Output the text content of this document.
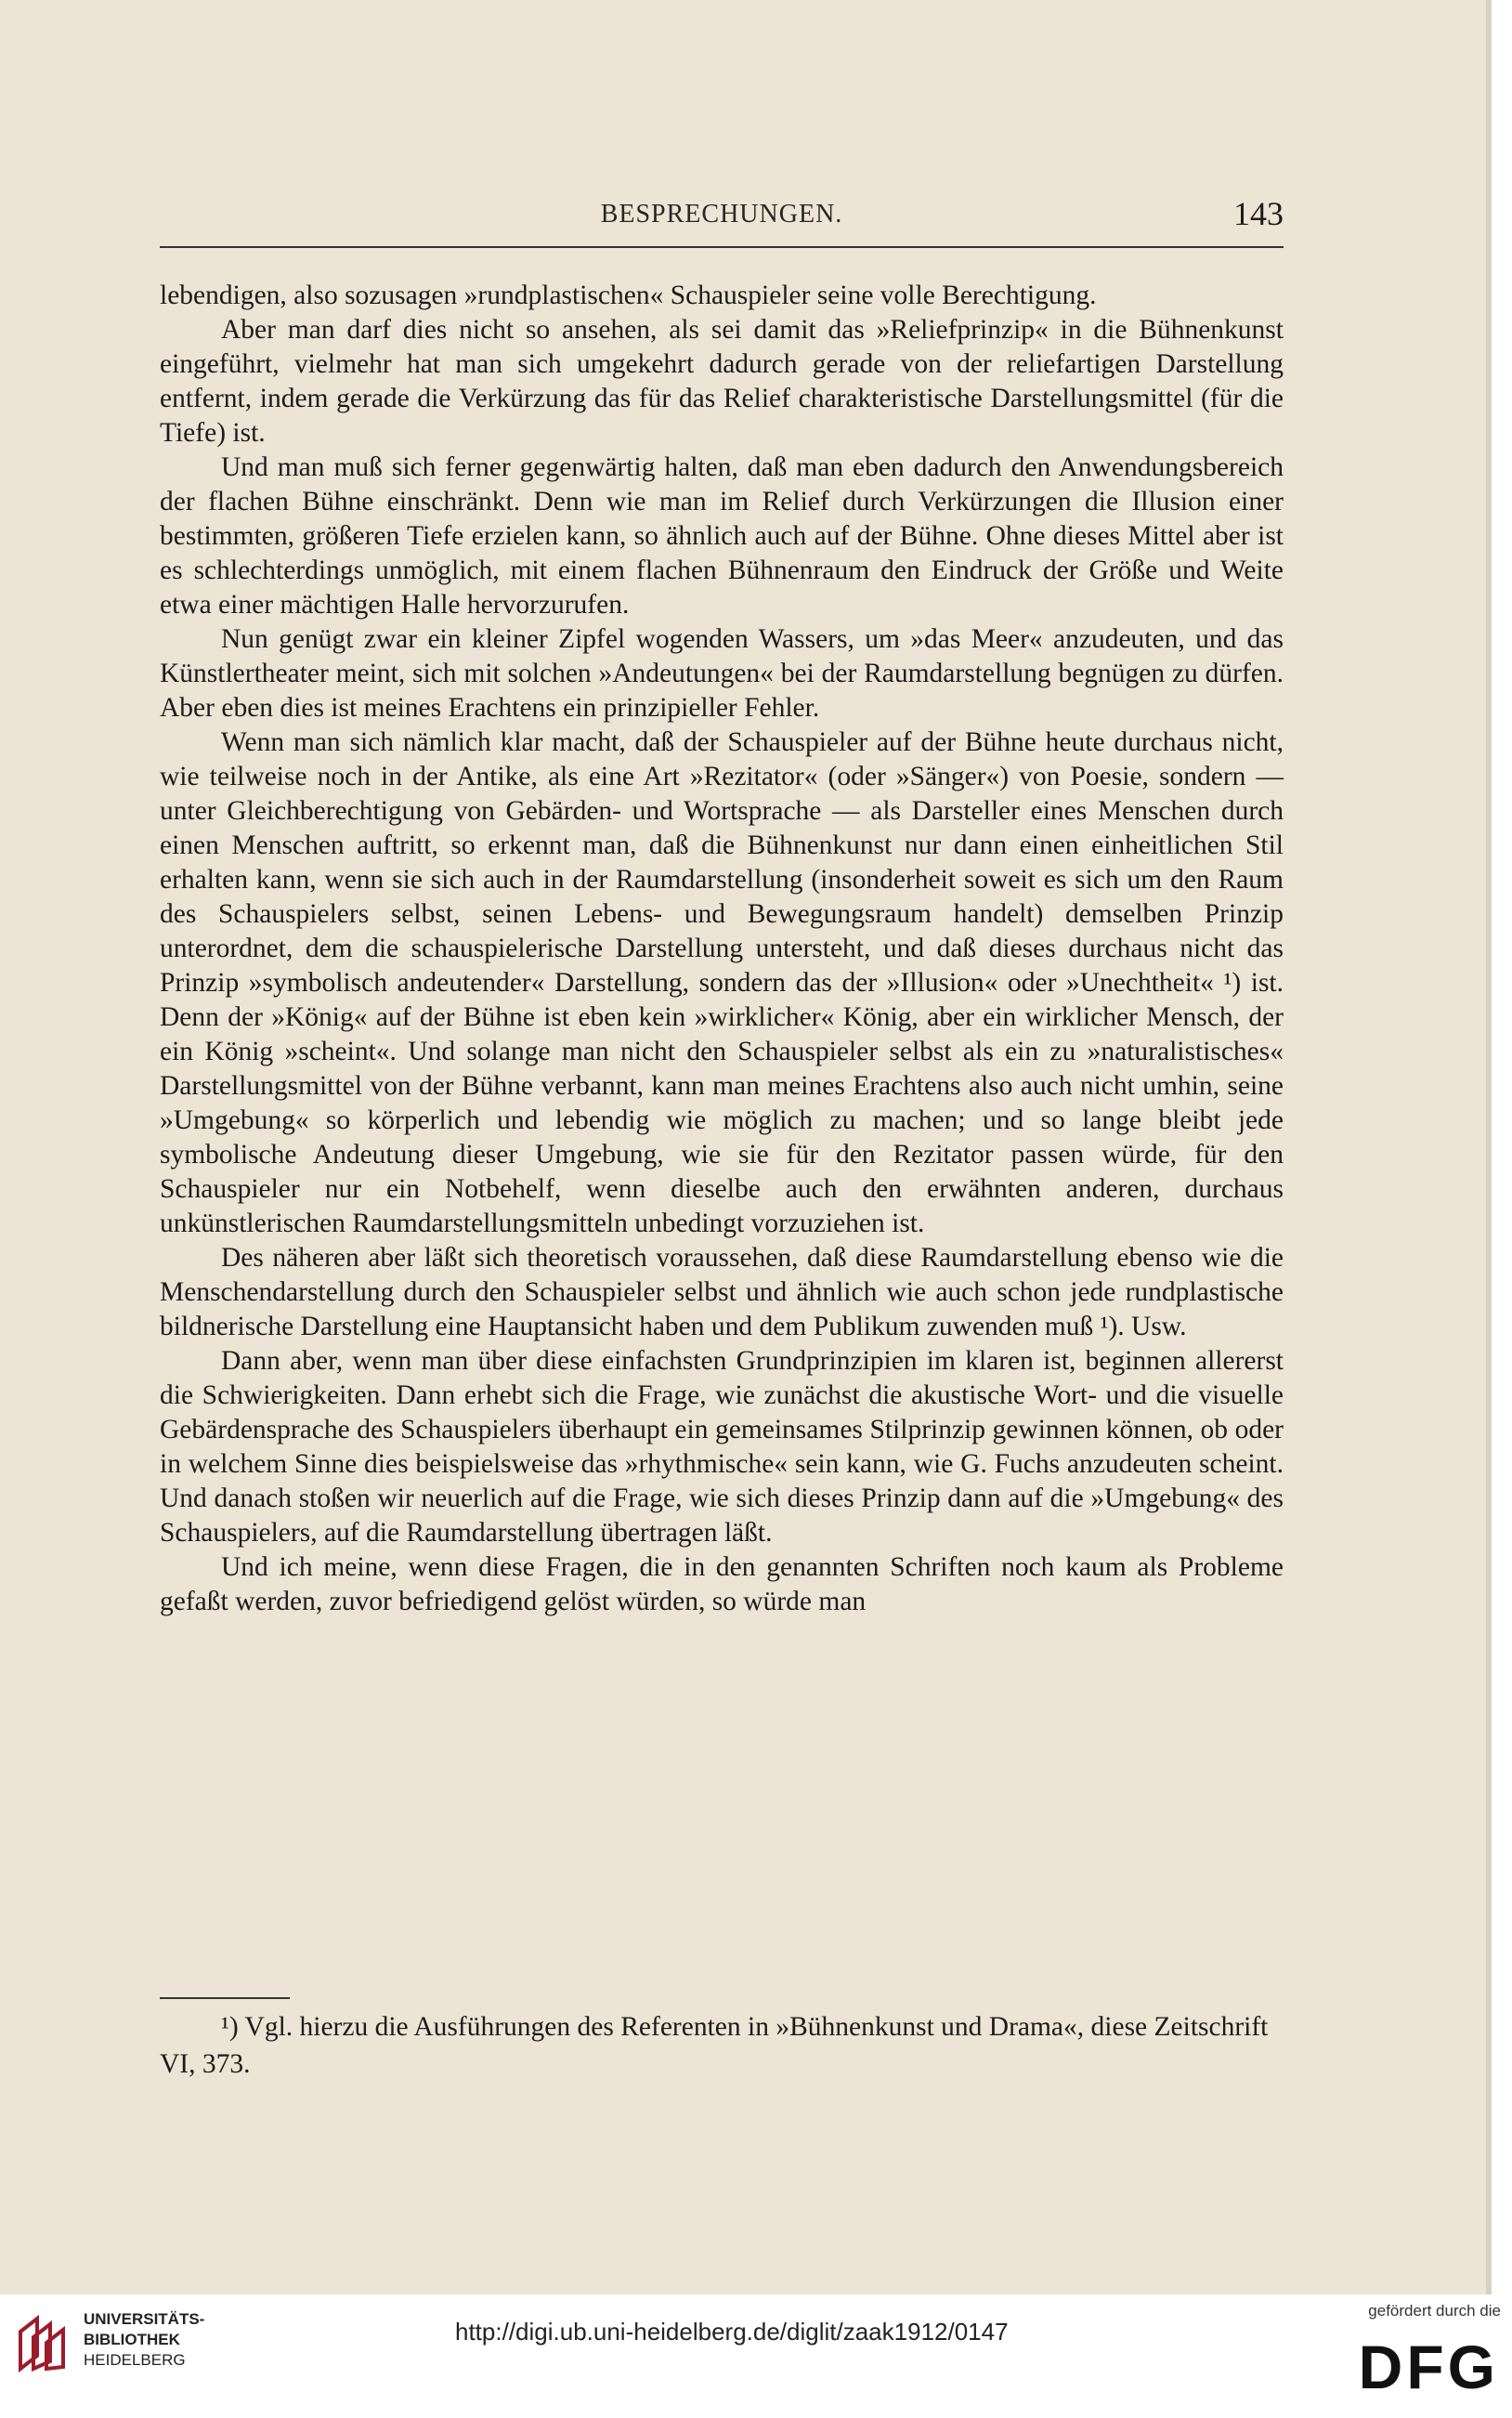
BESPRECHUNGEN.	143

lebendigen, also sozusagen »rundplastischen« Schauspieler seine volle Berechtigung.

Aber man darf dies nicht so ansehen, als sei damit das »Reliefprinzip« in die Bühnenkunst eingeführt, vielmehr hat man sich umgekehrt dadurch gerade von der reliefartigen Darstellung entfernt, indem gerade die Verkürzung das für das Relief charakteristische Darstellungsmittel (für die Tiefe) ist.

Und man muß sich ferner gegenwärtig halten, daß man eben dadurch den Anwendungsbereich der flachen Bühne einschränkt. Denn wie man im Relief durch Verkürzungen die Illusion einer bestimmten, größeren Tiefe erzielen kann, so ähnlich auch auf der Bühne. Ohne dieses Mittel aber ist es schlechterdings unmöglich, mit einem flachen Bühnenraum den Eindruck der Größe und Weite etwa einer mächtigen Halle hervorzurufen.

Nun genügt zwar ein kleiner Zipfel wogenden Wassers, um »das Meer« anzudeuten, und das Künstlertheater meint, sich mit solchen »Andeutungen« bei der Raumdarstellung begnügen zu dürfen. Aber eben dies ist meines Erachtens ein prinzipieller Fehler.

Wenn man sich nämlich klar macht, daß der Schauspieler auf der Bühne heute durchaus nicht, wie teilweise noch in der Antike, als eine Art »Rezitator« (oder »Sänger«) von Poesie, sondern — unter Gleichberechtigung von Gebärden- und Wortsprache — als Darsteller eines Menschen durch einen Menschen auftritt, so erkennt man, daß die Bühnenkunst nur dann einen einheitlichen Stil erhalten kann, wenn sie sich auch in der Raumdarstellung (insonderheit soweit es sich um den Raum des Schauspielers selbst, seinen Lebens- und Bewegungsraum handelt) demselben Prinzip unterordnet, dem die schauspielerische Darstellung untersteht, und daß dieses durchaus nicht das Prinzip »symbolisch andeutender« Darstellung, sondern das der »Illusion« oder »Unechtheit« ¹) ist. Denn der »König« auf der Bühne ist eben kein »wirklicher« König, aber ein wirklicher Mensch, der ein König »scheint«. Und solange man nicht den Schauspieler selbst als ein zu »naturalistisches« Darstellungsmittel von der Bühne verbannt, kann man meines Erachtens also auch nicht umhin, seine »Umgebung« so körperlich und lebendig wie möglich zu machen; und so lange bleibt jede symbolische Andeutung dieser Umgebung, wie sie für den Rezitator passen würde, für den Schauspieler nur ein Notbehelf, wenn dieselbe auch den erwähnten anderen, durchaus unkünstlerischen Raumdarstellungsmitteln unbedingt vorzuziehen ist.

Des näheren aber läßt sich theoretisch voraussehen, daß diese Raumdarstellung ebenso wie die Menschendarstellung durch den Schauspieler selbst und ähnlich wie auch schon jede rundplastische bildnerische Darstellung eine Hauptansicht haben und dem Publikum zuwenden muß ¹). Usw.

Dann aber, wenn man über diese einfachsten Grundprinzipien im klaren ist, beginnen allererst die Schwierigkeiten. Dann erhebt sich die Frage, wie zunächst die akustische Wort- und die visuelle Gebärdensprache des Schauspielers überhaupt ein gemeinsames Stilprinzip gewinnen können, ob oder in welchem Sinne dies beispielsweise das »rhythmische« sein kann, wie G. Fuchs anzudeuten scheint. Und danach stoßen wir neuerlich auf die Frage, wie sich dieses Prinzip dann auf die »Umgebung« des Schauspielers, auf die Raumdarstellung übertragen läßt.

Und ich meine, wenn diese Fragen, die in den genannten Schriften noch kaum als Probleme gefaßt werden, zuvor befriedigend gelöst würden, so würde man

¹) Vgl. hierzu die Ausführungen des Referenten in »Bühnenkunst und Drama«, diese Zeitschrift VI, 373.
UNIVERSITÄTS-
BIBLIOTHEK
HEIDELBERG
http://digi.ub.uni-heidelberg.de/diglit/zaak1912/0147
gefördert durch die
DFG
